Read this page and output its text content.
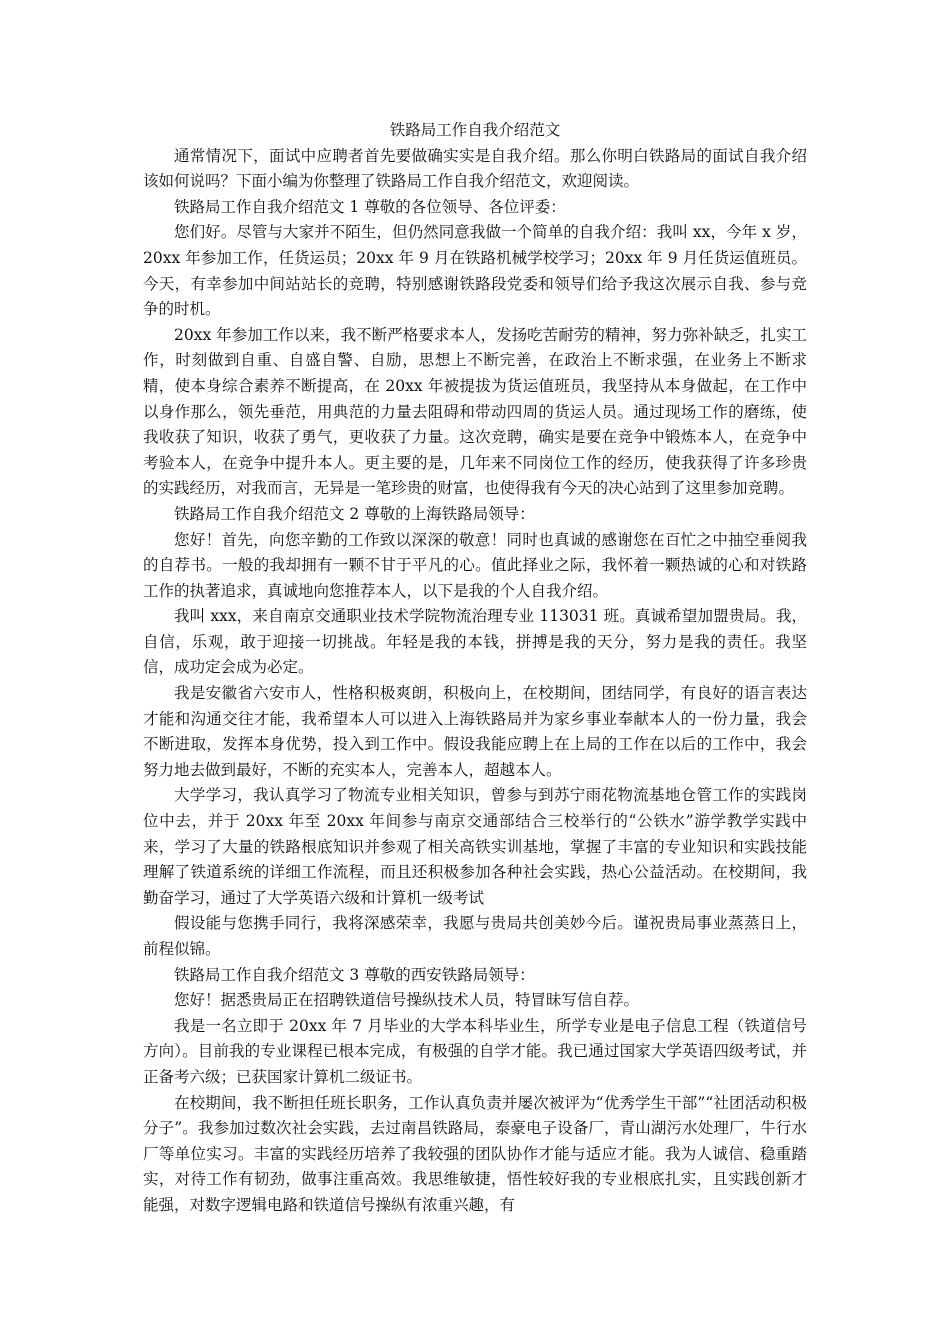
铁路局工作自我介绍范文

通常情况下，面试中应聘者首先要做确实实是自我介绍。那么你明白铁路局的面试自我介绍该如何说吗？下面小编为你整理了铁路局工作自我介绍范文，欢迎阅读。

铁路局工作自我介绍范文 1 尊敬的各位领导、各位评委：

您们好。尽管与大家并不陌生，但仍然同意我做一个简单的自我介绍：我叫 xx，今年 x 岁，20xx 年参加工作，任货运员；20xx 年 9 月在铁路机械学校学习；20xx 年 9 月任货运值班员。今天，有幸参加中间站站长的竞聘，特别感谢铁路段党委和领导们给予我这次展示自我、参与竞争的时机。

20xx 年参加工作以来，我不断严格要求本人，发扬吃苦耐劳的精神，努力弥补缺乏，扎实工作，时刻做到自重、自盛自警、自励，思想上不断完善，在政治上不断求强，在业务上不断求精，使本身综合素养不断提高，在 20xx 年被提拔为货运值班员，我坚持从本身做起，在工作中以身作那么，领先垂范，用典范的力量去阻碍和带动四周的货运人员。通过现场工作的磨练，使我收获了知识，收获了勇气，更收获了力量。这次竞聘，确实是要在竞争中锻炼本人，在竞争中考验本人，在竞争中提升本人。更主要的是，几年来不同岗位工作的经历，使我获得了许多珍贵的实践经历，对我而言，无异是一笔珍贵的财富，也使得我有今天的决心站到了这里参加竞聘。

铁路局工作自我介绍范文 2 尊敬的上海铁路局领导：

您好！首先，向您辛勤的工作致以深深的敬意！同时也真诚的感谢您在百忙之中抽空垂阅我的自荐书。一般的我却拥有一颗不甘于平凡的心。值此择业之际，我怀着一颗热诚的心和对铁路工作的执著追求，真诚地向您推荐本人，以下是我的个人自我介绍。

我叫 xxx，来自南京交通职业技术学院物流治理专业 113031 班。真诚希望加盟贵局。我，自信，乐观，敢于迎接一切挑战。年轻是我的本钱，拼搏是我的天分，努力是我的责任。我坚信，成功定会成为必定。

我是安徽省六安市人，性格积极爽朗，积极向上，在校期间，团结同学，有良好的语言表达才能和沟通交往才能，我希望本人可以进入上海铁路局并为家乡事业奉献本人的一份力量，我会不断进取，发挥本身优势，投入到工作中。假设我能应聘上在上局的工作在以后的工作中，我会努力地去做到最好，不断的充实本人，完善本人，超越本人。

大学学习，我认真学习了物流专业相关知识，曾参与到苏宁雨花物流基地仓管工作的实践岗位中去，并于 20xx 年至 20xx 年间参与南京交通部结合三校举行的“公铁水”游学教学实践中来，学习了大量的铁路根底知识并参观了相关高铁实训基地，掌握了丰富的专业知识和实践技能理解了铁道系统的详细工作流程，而且还积极参加各种社会实践，热心公益活动。在校期间，我勤奋学习，通过了大学英语六级和计算机一级考试

假设能与您携手同行，我将深感荣幸，我愿与贵局共创美妙今后。谨祝贵局事业蒸蒸日上，前程似锦。

铁路局工作自我介绍范文 3 尊敬的西安铁路局领导：

您好！据悉贵局正在招聘铁道信号操纵技术人员，特冒昧写信自荐。

我是一名立即于 20xx 年 7 月毕业的大学本科毕业生，所学专业是电子信息工程（铁道信号方向）。目前我的专业课程已根本完成，有极强的自学才能。我已通过国家大学英语四级考试，并正备考六级；已获国家计算机二级证书。

在校期间，我不断担任班长职务，工作认真负责并屡次被评为“优秀学生干部”“社团活动积极分子”。我参加过数次社会实践，去过南昌铁路局，泰豪电子设备厂，青山湖污水处理厂，牛行水厂等单位实习。丰富的实践经历培养了我较强的团队协作才能与适应才能。我为人诚信、稳重踏实，对待工作有韧劲，做事注重高效。我思维敏捷，悟性较好我的专业根底扎实，且实践创新才能强，对数字逻辑电路和铁道信号操纵有浓重兴趣，有
